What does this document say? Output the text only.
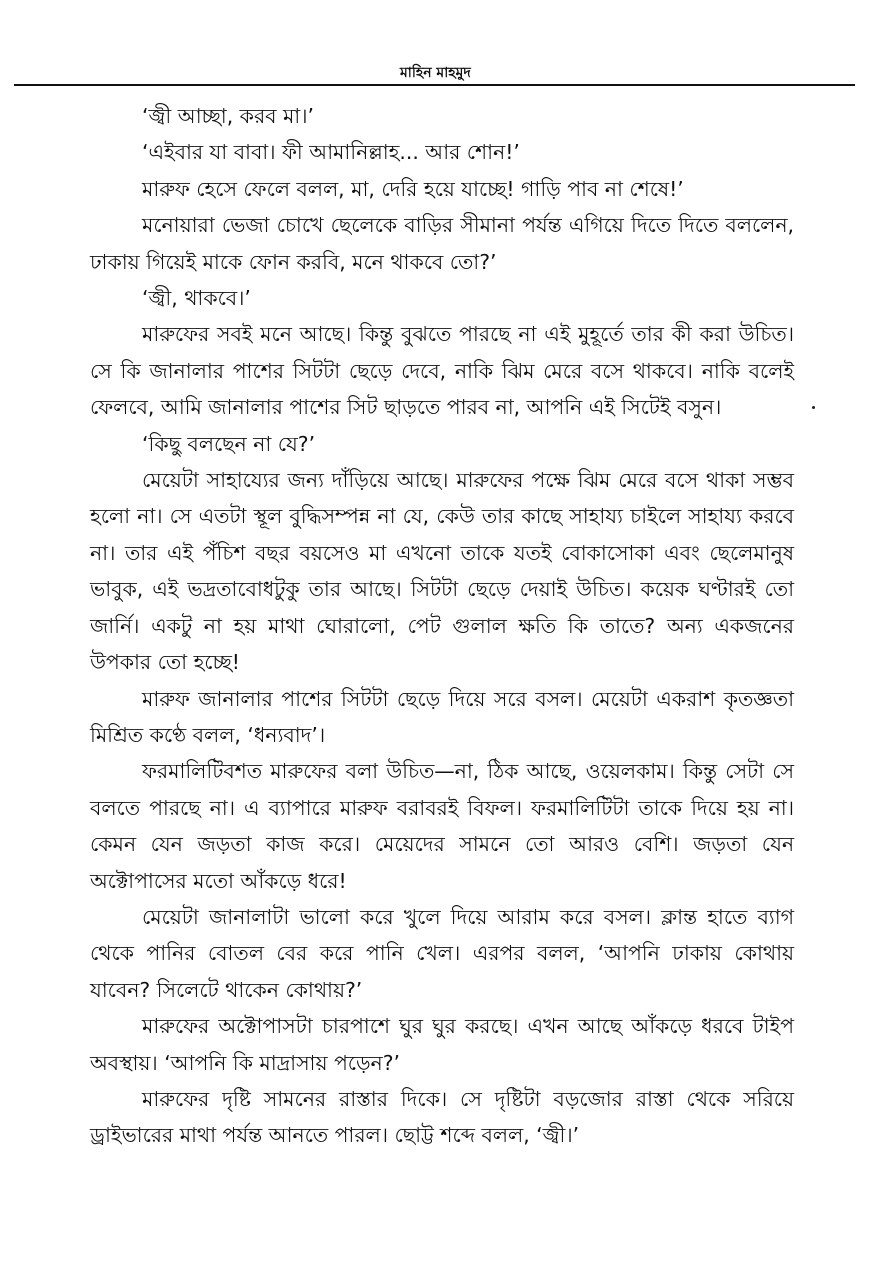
মাহিন মাহমুদ

‘জ্বী আচ্ছা, করব মা।’

‘এইবার যা বাবা। ফী আমানিল্লাহ... আর শোন!’

মারুফ হেসে ফেলে বলল, মা, দেরি হয়ে যাচ্ছে! গাড়ি পাব না শেষে!’

মনোয়ারা ভেজা চোখে ছেলেকে বাড়ির সীমানা পর্যন্ত এগিয়ে দিতে দিতে বললেন, ঢাকায় গিয়েই মাকে ফোন করবি, মনে থাকবে তো?’

‘জ্বী, থাকবে।’

মারুফের সবই মনে আছে। কিন্তু বুঝতে পারছে না এই মুহূর্তে তার কী করা উচিত। সে কি জানালার পাশের সিটটা ছেড়ে দেবে, নাকি ঝিম মেরে বসে থাকবে। নাকি বলেই ফেলবে, আমি জানালার পাশের সিট ছাড়তে পারব না, আপনি এই সিটেই বসুন।

‘কিছু বলছেন না যে?’

মেয়েটা সাহায্যের জন্য দাঁড়িয়ে আছে। মারুফের পক্ষে ঝিম মেরে বসে থাকা সম্ভব হলো না। সে এতটা স্থূল বুদ্ধিসম্পন্ন না যে, কেউ তার কাছে সাহায্য চাইলে সাহায্য করবে না। তার এই পঁচিশ বছর বয়সেও মা এখনো তাকে যতই বোকাসোকা এবং ছেলেমানুষ ভাবুক, এই ভদ্রতাবোধটুকু তার আছে। সিটটা ছেড়ে দেয়াই উচিত। কয়েক ঘণ্টারই তো জার্নি। একটু না হয় মাথা ঘোরালো, পেট গুলাল ক্ষতি কি তাতে? অন্য একজনের উপকার তো হচ্ছে!

মারুফ জানালার পাশের সিটটা ছেড়ে দিয়ে সরে বসল। মেয়েটা একরাশ কৃতজ্ঞতা মিশ্রিত কণ্ঠে বলল, ‘ধন্যবাদ’।

ফরমালিটিবশত মারুফের বলা উচিত—না, ঠিক আছে, ওয়েলকাম। কিন্তু সেটা সে বলতে পারছে না। এ ব্যাপারে মারুফ বরাবরই বিফল। ফরমালিটিটা তাকে দিয়ে হয় না। কেমন যেন জড়তা কাজ করে। মেয়েদের সামনে তো আরও বেশি। জড়তা যেন অক্টোপাসের মতো আঁকড়ে ধরে!

মেয়েটা জানালাটা ভালো করে খুলে দিয়ে আরাম করে বসল। ক্লান্ত হাতে ব্যাগ থেকে পানির বোতল বের করে পানি খেল। এরপর বলল, ‘আপনি ঢাকায় কোথায় যাবেন? সিলেটে থাকেন কোথায়?’

মারুফের অক্টোপাসটা চারপাশে ঘুর ঘুর করছে। এখন আছে আঁকড়ে ধরবে টাইপ অবস্থায়। ‘আপনি কি মাদ্রাসায় পড়েন?’

মারুফের দৃষ্টি সামনের রাস্তার দিকে। সে দৃষ্টিটা বড়জোর রাস্তা থেকে সরিয়ে ড্রাইভারের মাথা পর্যন্ত আনতে পারল। ছোট্ট শব্দে বলল, ‘জ্বী।’
